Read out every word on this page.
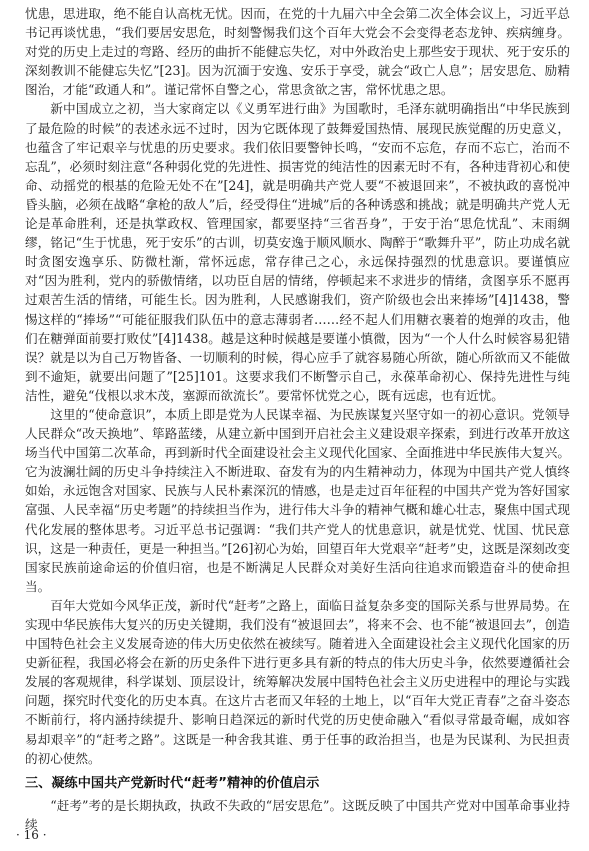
忧患，思进取，绝不能自认高枕无忧。因而，在党的十九届六中全会第二次全体会议上，习近平总书记再谈忧患，“我们要居安思危，时刻警惕我们这个百年大党会不会变得老态龙钟、疾病缠身。对党的历史上走过的弯路、经历的曲折不能健忘失忆，对中外政治史上那些安于现状、死于安乐的深刻教训不能健忘失忆”[23]。因为沉湎于安逸、安乐于享受，就会“政亡人息”；居安思危、励精图治，才能“政通人和”。谨记常怀自警之心，常思贪欲之害，常怀忧患之思。

新中国成立之初，当大家商定以《义勇军进行曲》为国歌时，毛泽东就明确指出“中华民族到了最危险的时候”的表述永远不过时，因为它既体现了鼓舞爱国热情、展现民族觉醒的历史意义，也蕴含了牢记艰辛与忧患的历史要求。我们依旧要警钟长鸣，“安而不忘危，存而不忘亡，治而不忘乱”，必须时刻注意“各种弱化党的先进性、损害党的纯洁性的因素无时不有，各种违背初心和使命、动摇党的根基的危险无处不在”[24]，就是明确共产党人要“不被退回来”，不被执政的喜悦冲昏头脑，必须在战略“拿枪的敌人”后，经受得住“进城”后的各种诱惑和挑战；就是明确共产党人无论是革命胜利，还是执掌政权、管理国家，都要坚持“三省吾身”，于安于治“思危忧乱”、末雨绸缪，铭记“生于忧患，死于安乐”的古训，切莫安逸于顺风顺水、陶醉于“歌舞升平”，防止功成名就时贪图安逸享乐、防微杜渐，常怀远虑，常存律己之心，永远保持强烈的忧患意识。要谨慎应对“因为胜利，党内的骄傲情绪，以功臣自居的情绪，停顿起来不求进步的情绪，贪图享乐不愿再过艰苦生活的情绪，可能生长。因为胜利，人民感谢我们，资产阶级也会出来捧场”[4]1438，警惕这样的“捧场”“可能征服我们队伍中的意志薄弱者……经不起人们用糖衣裹着的炮弹的攻击，他们在糖弹面前要打败仗”[4]1438。越是这种时候越是要谨小慎微，因为“一个人什么时候容易犯错误？就是以为自己万物皆备、一切顺利的时候，得心应手了就容易随心所欲，随心所欲而又不能做到不逾矩，就要出问题了”[25]101。这要求我们不断警示自己，永葆革命初心、保持先进性与纯洁性，避免“伐根以求木茂，塞源而欲流长”。要常怀忧党之心，既有远虑，也有近忧。

这里的“使命意识”，本质上即是党为人民谋幸福、为民族谋复兴坚守如一的初心意识。党领导人民群众“改天换地”、筚路蓝缕，从建立新中国到开启社会主义建设艰辛探索，到进行改革开放这场当代中国第二次革命，再到新时代全面建设社会主义现代化国家、全面推进中华民族伟大复兴。它为波澜壮阔的历史斗争持续注入不断进取、奋发有为的内生精神动力，体现为中国共产党人慎终如始，永远饱含对国家、民族与人民朴素深沉的情感，也是走过百年征程的中国共产党为答好国家富强、人民幸福“历史考题”的持续担当作为，进行伟大斗争的精神气概和雄心壮志，聚焦中国式现代化发展的整体思考。习近平总书记强调：“我们共产党人的忧患意识，就是忧党、忧国、忧民意识，这是一种责任，更是一种担当。”[26]初心为始，回望百年大党艰辛“赶考”史，这既是深刻改变国家民族前途命运的价值归宿，也是不断满足人民群众对美好生活向往追求而锻造奋斗的使命担当。

百年大党如今风华正茂，新时代“赶考”之路上，面临日益复杂多变的国际关系与世界局势。在实现中华民族伟大复兴的历史关键期，我们没有“被退回去”，将来不会、也不能“被退回去”，创造中国特色社会主义发展奇迹的伟大历史依然在被续写。随着进入全面建设社会主义现代化国家的历史新征程，我国必将会在新的历史条件下进行更多具有新的特点的伟大历史斗争，依然要遵循社会发展的客观规律，科学谋划、顶层设计，统筹解决发展中国特色社会主义历史进程中的理论与实践问题，探究时代变化的历史本真。在这片古老而又年轻的土地上，以“百年大党正青春”之奋斗姿态不断前行，将内涵持续提升、影响日趋深远的新时代党的历史使命融入“看似寻常最奇崛，成如容易却艰辛”的“赶考之路”。这既是一种舍我其谁、勇于任事的政治担当，也是为民谋利、为民担责的初心使然。

三、凝练中国共产党新时代“赶考”精神的价值启示

“赶考”考的是长期执政，执政不失政的“居安思危”。这既反映了中国共产党对中国革命事业持续

· 16 ·
